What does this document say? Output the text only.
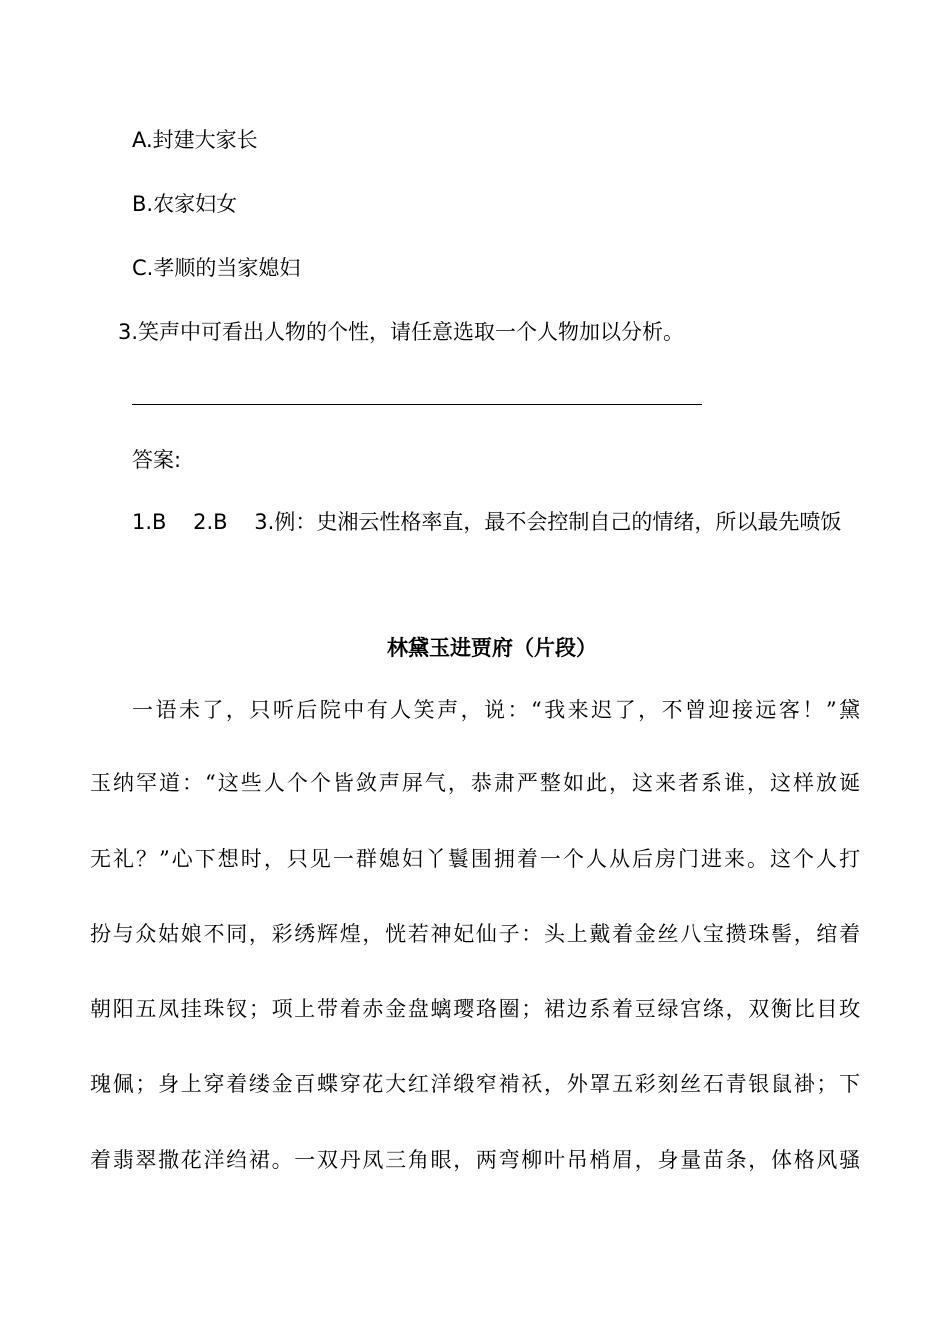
A.封建大家长
B.农家妇女
C.孝顺的当家媳妇
3.笑声中可看出人物的个性，请任意选取一个人物加以分析。
答案:
1.B    2.B    3.例：史湘云性格率直，最不会控制自己的情绪，所以最先喷饭
林黛玉进贾府（片段）
一语未了，只听后院中有人笑声，说：“我来迟了，不曾迎接远客！”黛
玉纳罕道：“这些人个个皆敛声屏气，恭肃严整如此，这来者系谁，这样放诞
无礼？”心下想时，只见一群媳妇丫鬟围拥着一个人从后房门进来。这个人打
扮与众姑娘不同，彩绣辉煌，恍若神妃仙子：头上戴着金丝八宝攒珠髻，绾着
朝阳五凤挂珠钗；项上带着赤金盘螭璎珞圈；裙边系着豆绿宫绦，双衡比目玫
瑰佩；身上穿着缕金百蝶穿花大红洋缎窄褃袄，外罩五彩刻丝石青银鼠褂；下
着翡翠撒花洋绉裙。一双丹凤三角眼，两弯柳叶吊梢眉，身量苗条，体格风骚
